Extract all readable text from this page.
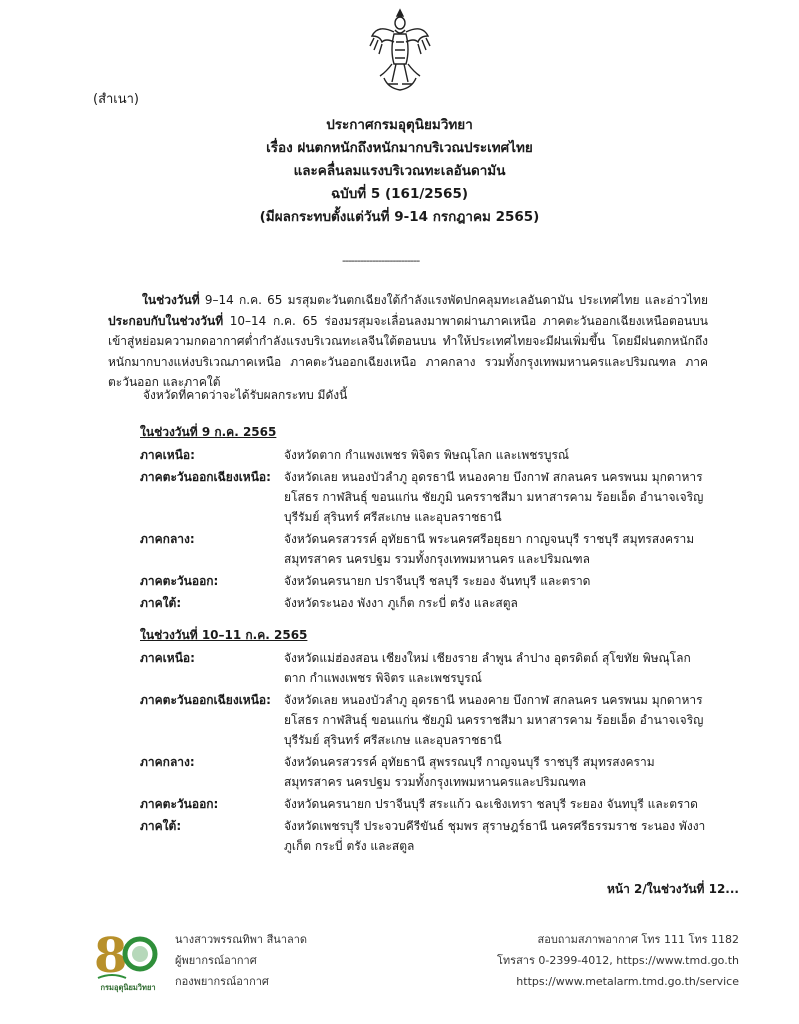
(สำเนา)
ประกาศกรมอุตุนิยมวิทยา
เรื่อง ฝนตกหนักถึงหนักมากบริเวณประเทศไทย
และคลื่นลมแรงบริเวณทะเลอันดามัน
ฉบับที่ 5 (161/2565)
(มีผลกระทบตั้งแต่วันที่ 9-14 กรกฎาคม 2565)
--------------------------
ในช่วงวันที่ 9–14 ก.ค. 65 มรสุมตะวันตกเฉียงใต้กำลังแรงพัดปกคลุมทะเลอันดามัน ประเทศไทย และอ่าวไทย ประกอบกับในช่วงวันที่ 10–14 ก.ค. 65 ร่องมรสุมจะเลื่อนลงมาพาดผ่านภาคเหนือ ภาคตะวันออกเฉียงเหนือตอนบน เข้าสู่หย่อมความกดอากาศต่ำกำลังแรงบริเวณทะเลจีนใต้ตอนบน ทำให้ประเทศไทยจะมีฝนเพิ่มขึ้น โดยมีฝนตกหนักถึงหนักมากบางแห่งบริเวณภาคเหนือ ภาคตะวันออกเฉียงเหนือ ภาคกลาง รวมทั้งกรุงเทพมหานครและปริมณฑล ภาคตะวันออก และภาคใต้
จังหวัดที่คาดว่าจะได้รับผลกระทบ มีดังนี้
ในช่วงวันที่ 9 ก.ค. 2565
ภาคเหนือ:	จังหวัดตาก กำแพงเพชร พิจิตร พิษณุโลก และเพชรบูรณ์
ภาคตะวันออกเฉียงเหนือ:	จังหวัดเลย หนองบัวลำภู อุดรธานี หนองคาย บึงกาฬ สกลนคร นครพนม มุกดาหาร ยโสธร กาฬสินธุ์ ขอนแก่น ชัยภูมิ นครราชสีมา มหาสารคาม ร้อยเอ็ด อำนาจเจริญ บุรีรัมย์ สุรินทร์ ศรีสะเกษ และอุบลราชธานี
ภาคกลาง:	จังหวัดนครสวรรค์ อุทัยธานี พระนครศรีอยุธยา กาญจนบุรี ราชบุรี สมุทรสงคราม สมุทรสาคร นครปฐม รวมทั้งกรุงเทพมหานคร และปริมณฑล
ภาคตะวันออก:	จังหวัดนครนายก ปราจีนบุรี ชลบุรี ระยอง จันทบุรี และตราด
ภาคใต้:	จังหวัดระนอง พังงา ภูเก็ต กระบี่ ตรัง และสตูล
ในช่วงวันที่ 10–11 ก.ค. 2565
ภาคเหนือ:	จังหวัดแม่ฮ่องสอน เชียงใหม่ เชียงราย ลำพูน ลำปาง อุตรดิตถ์ สุโขทัย พิษณุโลก ตาก กำแพงเพชร พิจิตร และเพชรบูรณ์
ภาคตะวันออกเฉียงเหนือ:	จังหวัดเลย หนองบัวลำภู อุดรธานี หนองคาย บึงกาฬ สกลนคร นครพนม มุกดาหาร ยโสธร กาฬสินธุ์ ขอนแก่น ชัยภูมิ นครราชสีมา มหาสารคาม ร้อยเอ็ด อำนาจเจริญ บุรีรัมย์ สุรินทร์ ศรีสะเกษ และอุบลราชธานี
ภาคกลาง:	จังหวัดนครสวรรค์ อุทัยธานี สุพรรณบุรี กาญจนบุรี ราชบุรี สมุทรสงคราม สมุทรสาคร นครปฐม รวมทั้งกรุงเทพมหานครและปริมณฑล
ภาคตะวันออก:	จังหวัดนครนายก ปราจีนบุรี สระแก้ว ฉะเชิงเทรา ชลบุรี ระยอง จันทบุรี และตราด
ภาคใต้:	จังหวัดเพชรบุรี ประจวบคีรีขันธ์ ชุมพร สุราษฎร์ธานี นครศรีธรรมราช ระนอง พังงา ภูเก็ต กระบี่ ตรัง และสตูล
หน้า 2/ในช่วงวันที่ 12...
8
กรมอุตุนิยมวิทยา
นางสาวพรรณทิพา สีนาลาด
ผู้พยากรณ์อากาศ
กองพยากรณ์อากาศ
สอบถามสภาพอากาศ โทร 111 โทร 1182
โทรสาร 0-2399-4012, https://www.tmd.go.th
https://www.metalarm.tmd.go.th/service
